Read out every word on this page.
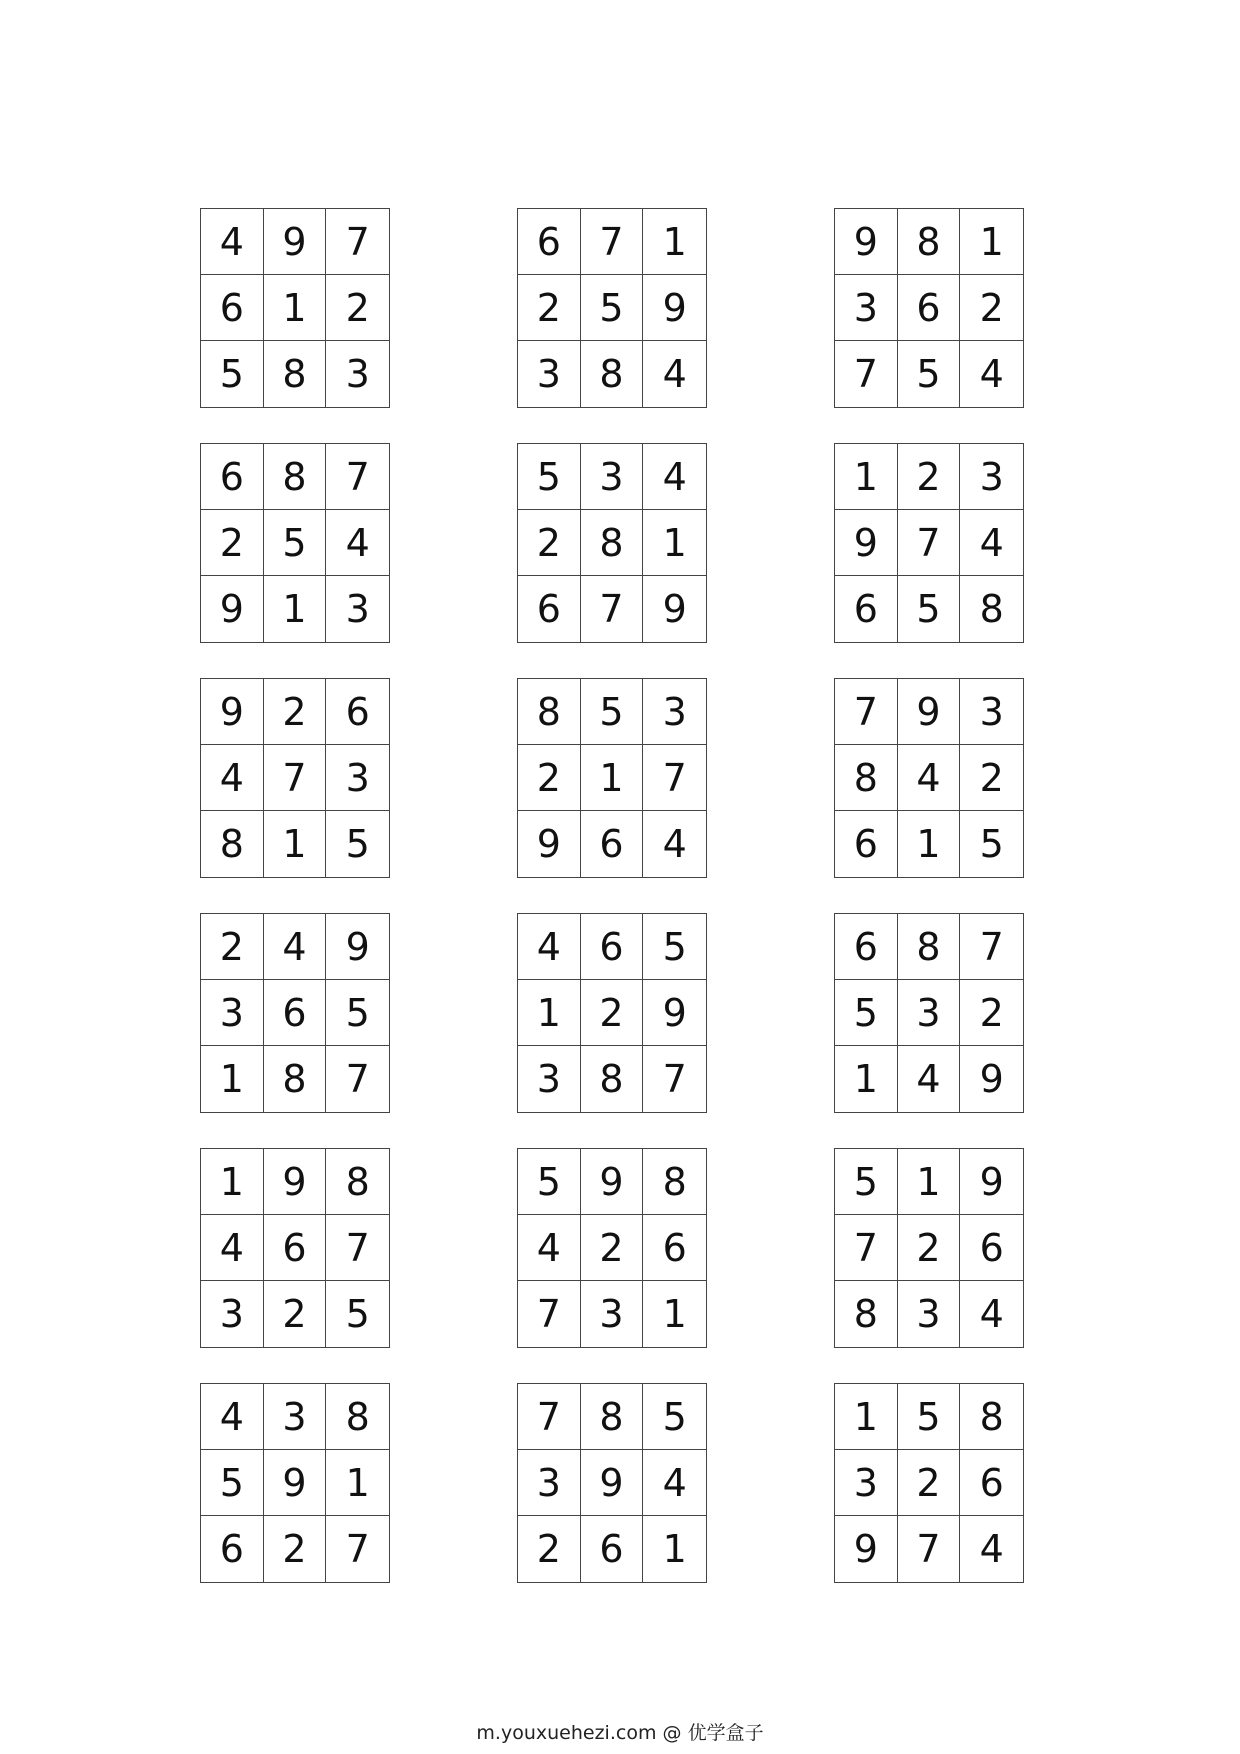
4	9	7
6	1	2
5	8	3
6	7	1
2	5	9
3	8	4
9	8	1
3	6	2
7	5	4
6	8	7
2	5	4
9	1	3
5	3	4
2	8	1
6	7	9
1	2	3
9	7	4
6	5	8
9	2	6
4	7	3
8	1	5
8	5	3
2	1	7
9	6	4
7	9	3
8	4	2
6	1	5
2	4	9
3	6	5
1	8	7
4	6	5
1	2	9
3	8	7
6	8	7
5	3	2
1	4	9
1	9	8
4	6	7
3	2	5
5	9	8
4	2	6
7	3	1
5	1	9
7	2	6
8	3	4
4	3	8
5	9	1
6	2	7
7	8	5
3	9	4
2	6	1
1	5	8
3	2	6
9	7	4
m.youxuehezi.com @ 优学盒子
